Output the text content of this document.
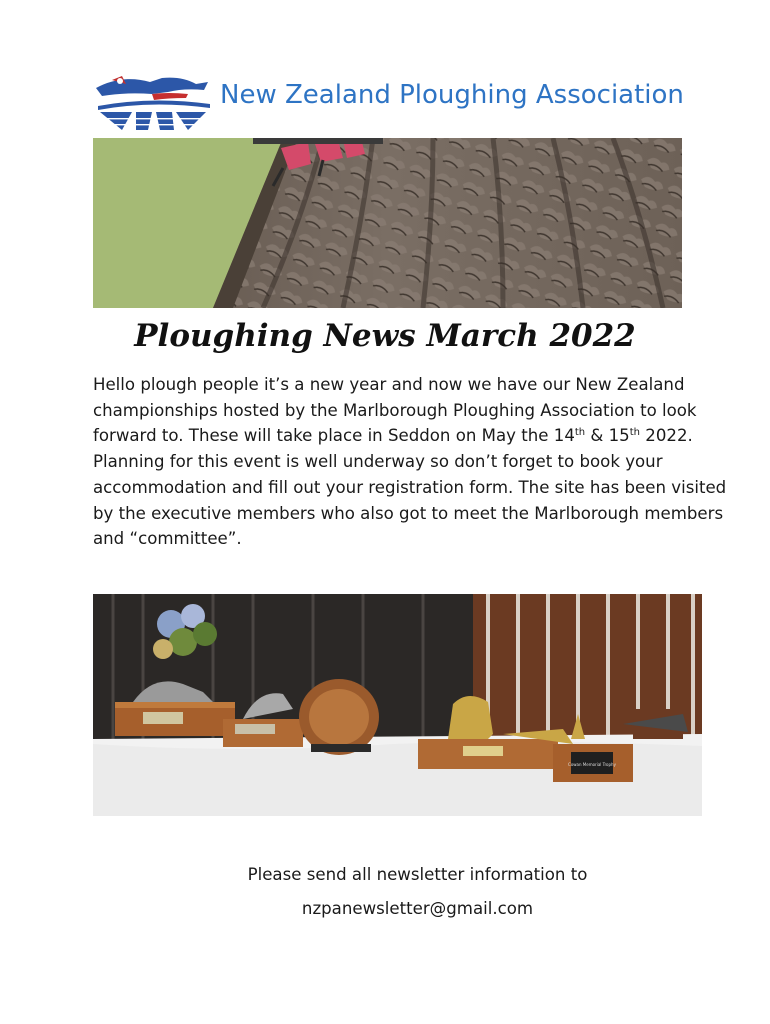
New Zealand Ploughing Association
Ploughing News March 2022

Hello plough people it’s a new year and now we have our New Zealand championships hosted by the Marlborough Ploughing Association to look forward to. These will take place in Seddon on May the 14th & 15th 2022. Planning for this event is well underway so don’t forget to book your accommodation and fill out your registration form. The site has been visited by the executive members who also got to meet the Marlborough members and “committee”.

Cowan Memorial Trophy
Please send all newsletter information to
nzpanewsletter@gmail.com
